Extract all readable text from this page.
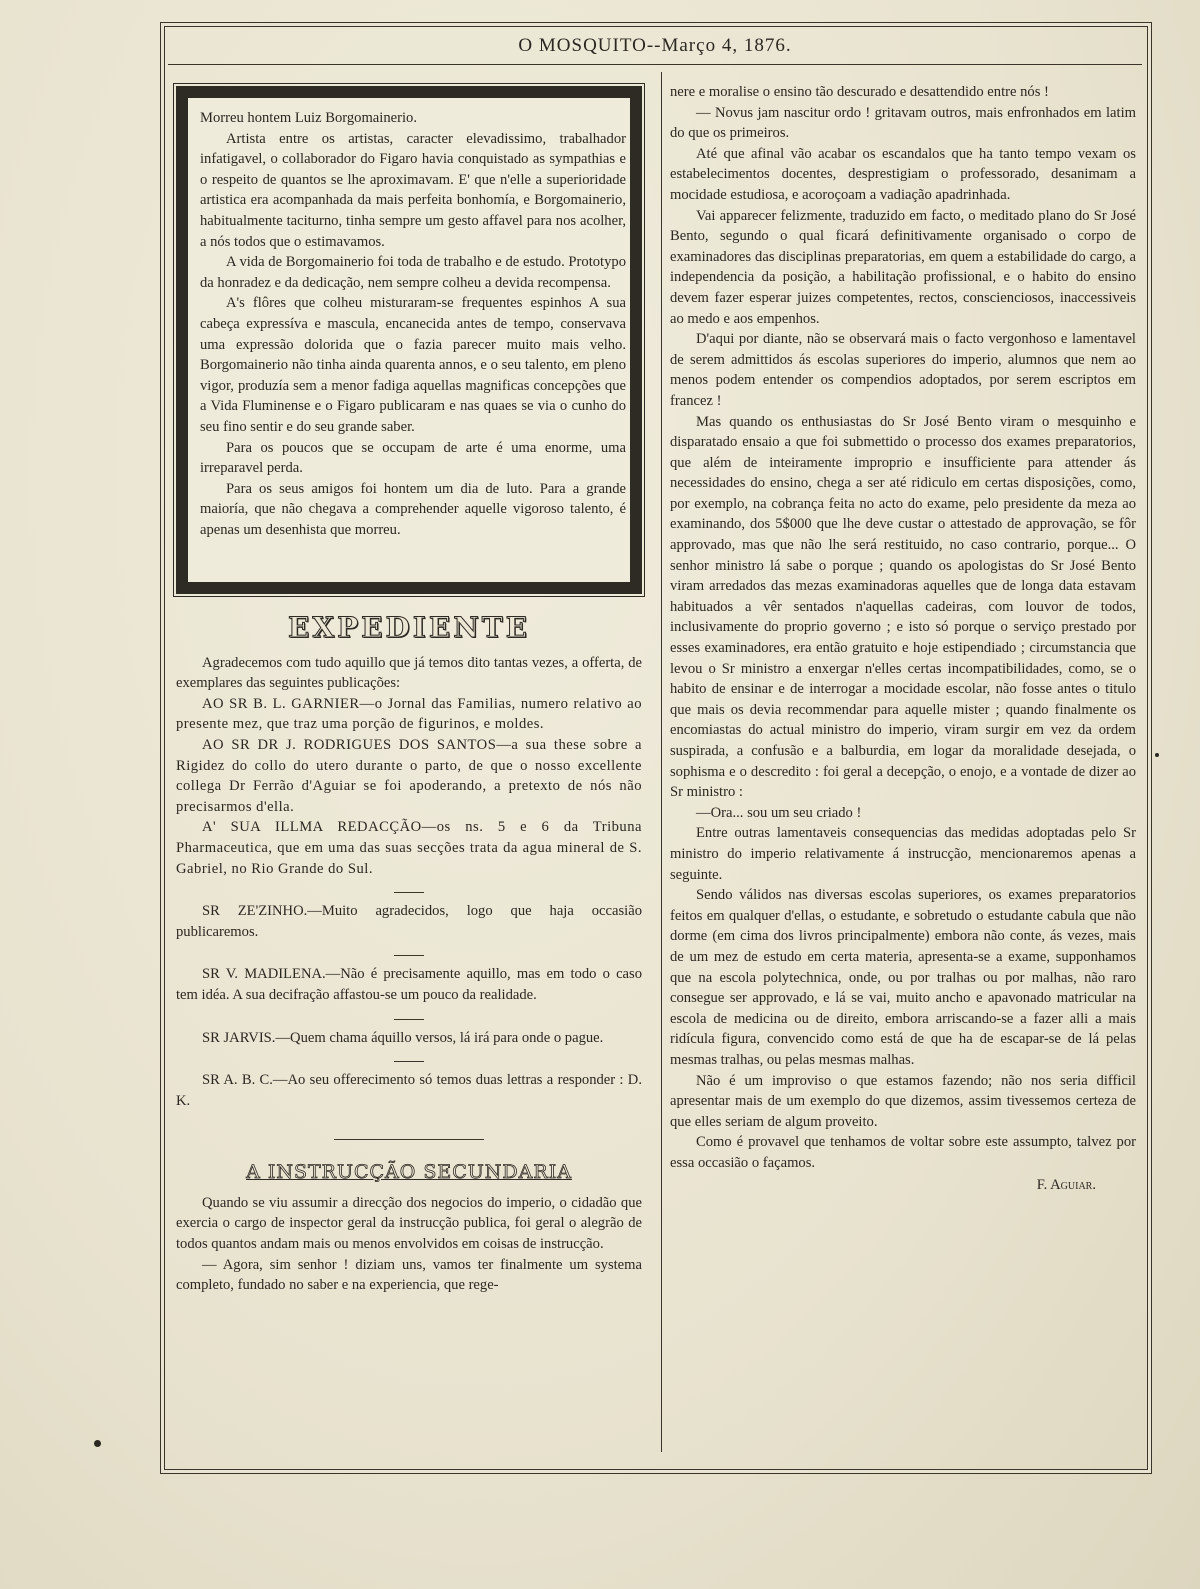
O MOSQUITO--Março 4, 1876.

Morreu hontem Luiz Borgomainerio.

Artista entre os artistas, caracter elevadissimo, trabalhador infatigavel, o collaborador do Figaro havia conquistado as sympathias e o respeito de quantos se lhe aproximavam. E' que n'elle a superioridade artistica era acompanhada da mais perfeita bonhomía, e Borgomainerio, habitualmente taciturno, tinha sempre um gesto affavel para nos acolher, a nós todos que o estimavamos.

A vida de Borgomainerio foi toda de trabalho e de estudo. Prototypo da honradez e da dedicação, nem sempre colheu a devida recompensa.

A's flôres que colheu misturaram-se frequentes espinhos A sua cabeça expressíva e mascula, encanecida antes de tempo, conservava uma expressão dolorida que o fazia parecer muito mais velho. Borgomainerio não tinha ainda quarenta annos, e o seu talento, em pleno vigor, produzía sem a menor fadiga aquellas magnificas concepções que a Vida Fluminense e o Figaro publicaram e nas quaes se via o cunho do seu fino sentir e do seu grande saber.

Para os poucos que se occupam de arte é uma enorme, uma irreparavel perda.

Para os seus amigos foi hontem um dia de luto. Para a grande maioría, que não chegava a comprehender aquelle vigoroso talento, é apenas um desenhista que morreu.

EXPEDIENTE

Agradecemos com tudo aquillo que já temos dito tantas vezes, a offerta, de exemplares das seguintes publicações:

AO SR B. L. GARNIER—o Jornal das Familias, numero relativo ao presente mez, que traz uma porção de figurinos, e moldes.

AO SR DR J. RODRIGUES DOS SANTOS—a sua these sobre a Rigidez do collo do utero durante o parto, de que o nosso excellente collega Dr Ferrão d'Aguiar se foi apoderando, a pretexto de nós não precisarmos d'ella.

A' SUA ILLMA REDACÇÃO—os ns. 5 e 6 da Tribuna Pharmaceutica, que em uma das suas secções trata da agua mineral de S. Gabriel, no Rio Grande do Sul.

SR ZE'ZINHO.—Muito agradecidos, logo que haja occasião publicaremos.

SR V. MADILENA.—Não é precisamente aquillo, mas em todo o caso tem idéa. A sua decifração affastou-se um pouco da realidade.

SR JARVIS.—Quem chama áquillo versos, lá irá para onde o pague.

SR A. B. C.—Ao seu offerecimento só temos duas lettras a responder : D. K.

A INSTRUCÇÃO SECUNDARIA

Quando se viu assumir a direcção dos negocios do imperio, o cidadão que exercia o cargo de inspector geral da instrucção publica, foi geral o alegrão de todos quantos andam mais ou menos envolvidos em coisas de instrucção.

— Agora, sim senhor ! diziam uns, vamos ter finalmente um systema completo, fundado no saber e na experiencia, que rege-

nere e moralise o ensino tão descurado e desattendido entre nós !

— Novus jam nascitur ordo ! gritavam outros, mais enfronhados em latim do que os primeiros.

Até que afinal vão acabar os escandalos que ha tanto tempo vexam os estabelecimentos docentes, desprestigiam o professorado, desanimam a mocidade estudiosa, e acoroçoam a vadiação apadrinhada.

Vai apparecer felizmente, traduzido em facto, o meditado plano do Sr José Bento, segundo o qual ficará definitivamente organisado o corpo de examinadores das disciplinas preparatorias, em quem a estabilidade do cargo, a independencia da posição, a habilitação profissional, e o habito do ensino devem fazer esperar juizes competentes, rectos, conscienciosos, inaccessiveis ao medo e aos empenhos.

D'aqui por diante, não se observará mais o facto vergonhoso e lamentavel de serem admittidos ás escolas superiores do imperio, alumnos que nem ao menos podem entender os compendios adoptados, por serem escriptos em francez !

Mas quando os enthusiastas do Sr José Bento viram o mesquinho e disparatado ensaio a que foi submettido o processo dos exames preparatorios, que além de inteiramente improprio e insufficiente para attender ás necessidades do ensino, chega a ser até ridiculo em certas disposições, como, por exemplo, na cobrança feita no acto do exame, pelo presidente da meza ao examinando, dos 5$000 que lhe deve custar o attestado de approvação, se fôr approvado, mas que não lhe será restituido, no caso contrario, porque... O senhor ministro lá sabe o porque ; quando os apologistas do Sr José Bento viram arredados das mezas examinadoras aquelles que de longa data estavam habituados a vêr sentados n'aquellas cadeiras, com louvor de todos, inclusivamente do proprio governo ; e isto só porque o serviço prestado por esses examinadores, era então gratuito e hoje estipendiado ; circumstancia que levou o Sr ministro a enxergar n'elles certas incompatibilidades, como, se o habito de ensinar e de interrogar a mocidade escolar, não fosse antes o titulo que mais os devia recommendar para aquelle mister ; quando finalmente os encomiastas do actual ministro do imperio, viram surgir em vez da ordem suspirada, a confusão e a balburdia, em logar da moralidade desejada, o sophisma e o descredito : foi geral a decepção, o enojo, e a vontade de dizer ao Sr ministro :

—Ora... sou um seu criado !

Entre outras lamentaveis consequencias das medidas adoptadas pelo Sr ministro do imperio relativamente á instrucção, mencionaremos apenas a seguinte.

Sendo válidos nas diversas escolas superiores, os exames preparatorios feitos em qualquer d'ellas, o estudante, e sobretudo o estudante cabula que não dorme (em cima dos livros principalmente) embora não conte, ás vezes, mais de um mez de estudo em certa materia, apresenta-se a exame, supponhamos que na escola polytechnica, onde, ou por tralhas ou por malhas, não raro consegue ser approvado, e lá se vai, muito ancho e apavonado matricular na escola de medicina ou de direito, embora arriscando-se a fazer alli a mais ridícula figura, convencido como está de que ha de escapar-se de lá pelas mesmas tralhas, ou pelas mesmas malhas.

Não é um improviso o que estamos fazendo; não nos seria difficil apresentar mais de um exemplo do que dizemos, assim tivessemos certeza de que elles seriam de algum proveito.

Como é provavel que tenhamos de voltar sobre este assumpto, talvez por essa occasião o façamos.

F. Aguiar.
